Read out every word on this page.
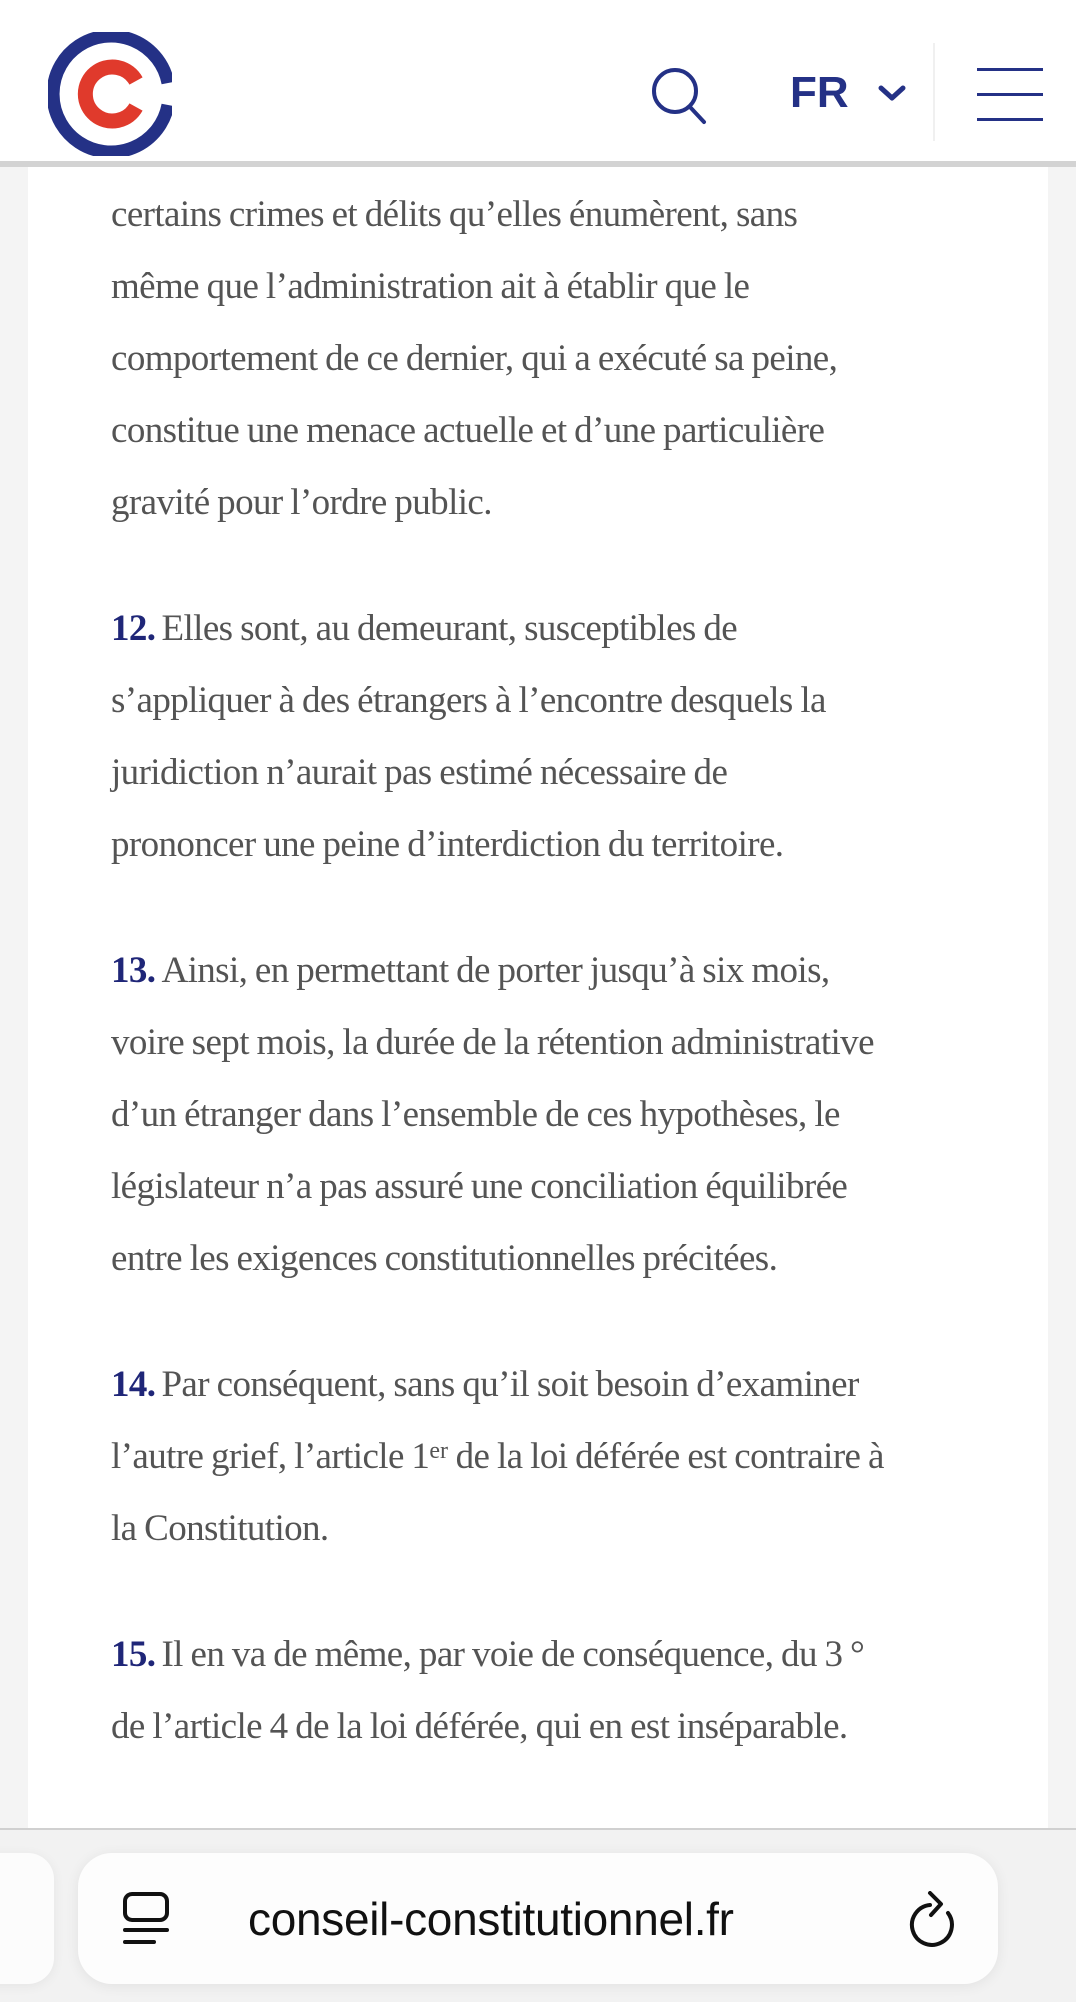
certains crimes et délits qu’elles énumèrent, sans
même que l’administration ait à établir que le
comportement de ce dernier, qui a exécuté sa peine,
constitue une menace actuelle et d’une particulière
gravité pour l’ordre public.
12. Elles sont, au demeurant, susceptibles de
s’appliquer à des étrangers à l’encontre desquels la
juridiction n’aurait pas estimé nécessaire de
prononcer une peine d’interdiction du territoire.
13. Ainsi, en permettant de porter jusqu’à six mois,
voire sept mois, la durée de la rétention administrative
d’un étranger dans l’ensemble de ces hypothèses, le
législateur n’a pas assuré une conciliation équilibrée
entre les exigences constitutionnelles précitées.
14. Par conséquent, sans qu’il soit besoin d’examiner
l’autre grief, l’article 1er de la loi déférée est contraire à
la Constitution.
15. Il en va de même, par voie de conséquence, du 3 °
de l’article 4 de la loi déférée, qui en est inséparable.
FR
conseil-constitutionnel.fr
